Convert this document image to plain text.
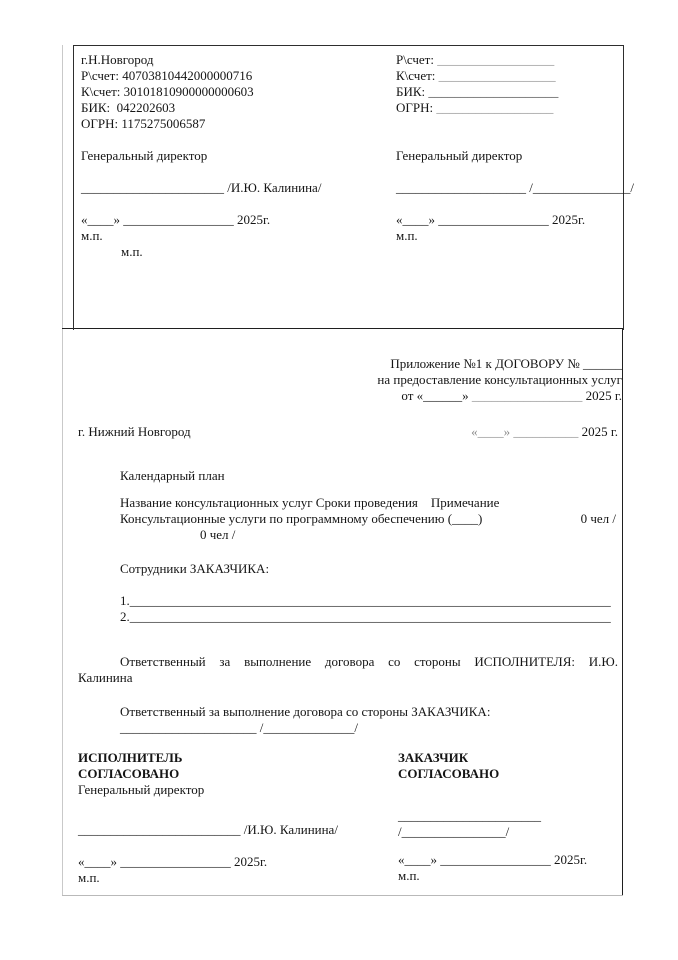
г.Н.Новгород
Р\счет: 40703810442000000716
К\счет: 30101810900000000603
БИК:  042202603
ОГРН: 1175275006587
Генеральный директор
______________________ /И.Ю. Калинина/
«____» _________________ 2025г.
м.п.
м.п.
Р\счет: __________________
К\счет: __________________
БИК: ____________________
ОГРН: __________________
Генеральный директор
____________________ /_______________/
«____» _________________ 2025г.
м.п.
Приложение №1 к ДОГОВОРУ № ______
на предоставление консультационных услуг
от «______» _________________ 2025 г.
г. Нижний Новгород	«____» __________ 2025 г.
Календарный план
Название консультационных услуг Сроки проведения    Примечание
Консультационные услуги по программному обеспечению (____)	0 чел /
0 чел /
Сотрудники ЗАКАЗЧИКА:
1.__________________________________________________________________________
2.__________________________________________________________________________
Ответственный за выполнение договора со стороны ИСПОЛНИТЕЛЯ: И.Ю.
Калинина
Ответственный за выполнение договора со стороны ЗАКАЗЧИКА:
_____________________ /______________/
ИСПОЛНИТЕЛЬ
СОГЛАСОВАНО
Генеральный директор
_________________________ /И.Ю. Калинина/
«____» _________________ 2025г.
м.п.
ЗАКАЗЧИК
СОГЛАСОВАНО
______________________
/________________/
«____» _________________ 2025г.
м.п.
